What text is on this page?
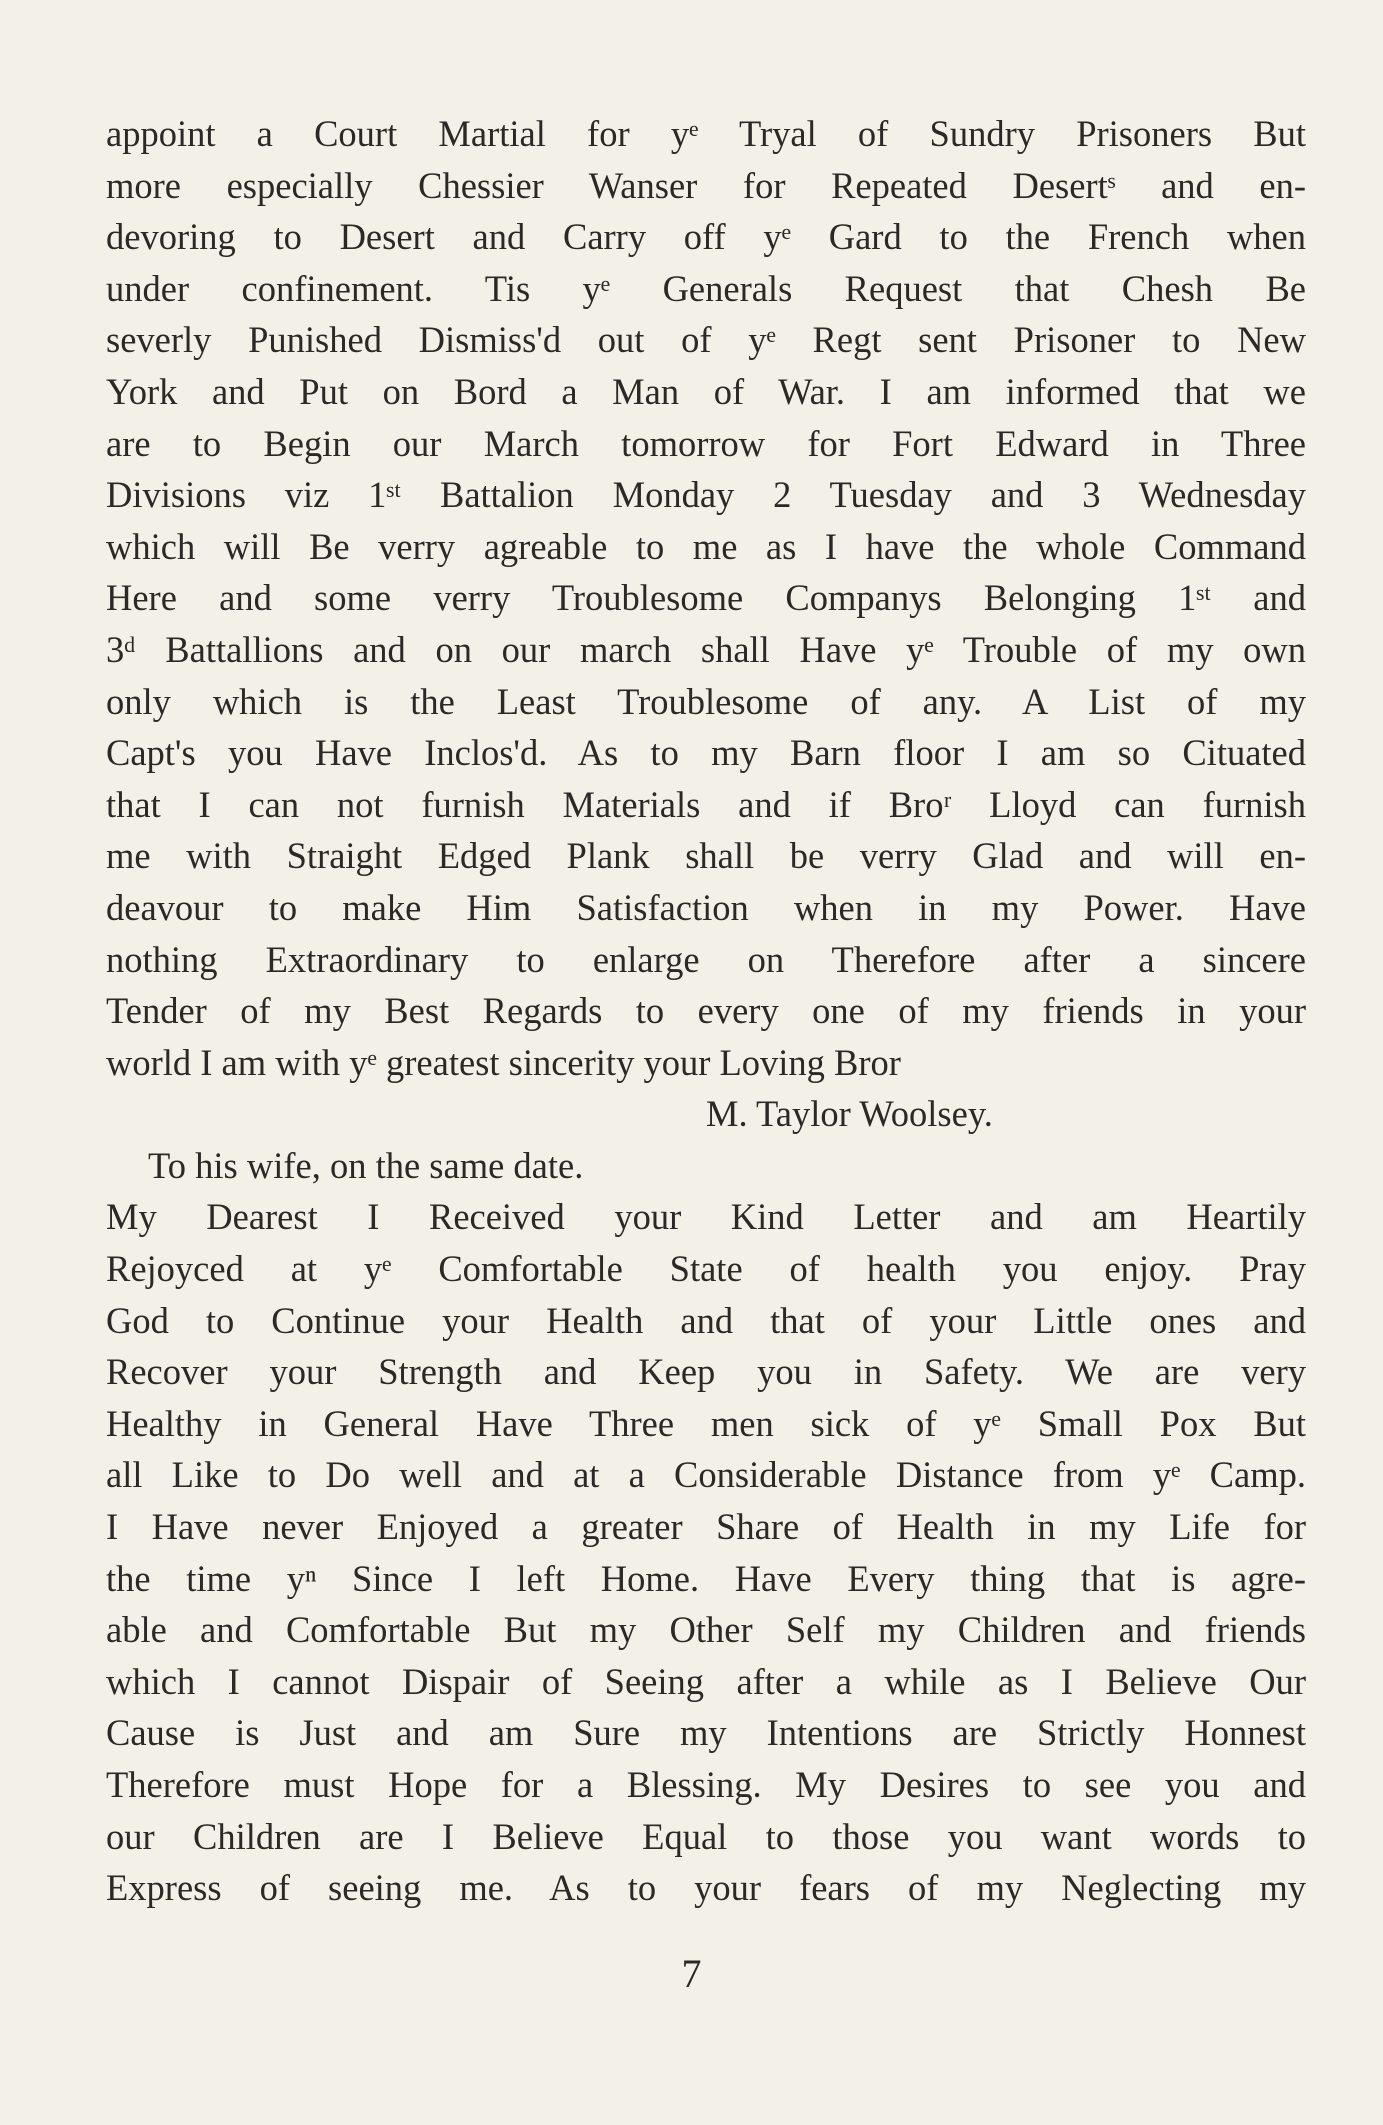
appoint a Court Martial for yᵉ Tryal of Sundry Prisoners But
more especially Chessier Wanser for Repeated Desertˢ and en-
devoring to Desert and Carry off yᵉ Gard to the French when
under confinement. Tis yᵉ Generals Request that Chesh Be
severly Punished Dismiss'd out of yᵉ Regt sent Prisoner to New
York and Put on Bord a Man of War. I am informed that we
are to Begin our March tomorrow for Fort Edward in Three
Divisions viz 1ˢᵗ Battalion Monday 2 Tuesday and 3 Wednesday
which will Be verry agreable to me as I have the whole Command
Here and some verry Troublesome Companys Belonging 1ˢᵗ and
3ᵈ Battallions and on our march shall Have yᵉ Trouble of my own
only which is the Least Troublesome of any. A List of my
Capt's you Have Inclos'd. As to my Barn floor I am so Cituated
that I can not furnish Materials and if Broʳ Lloyd can furnish
me with Straight Edged Plank shall be verry Glad and will en-
deavour to make Him Satisfaction when in my Power. Have
nothing Extraordinary to enlarge on Therefore after a sincere
Tender of my Best Regards to every one of my friends in your
world I am with yᵉ greatest sincerity your Loving Bror
M. Taylor Woolsey.
To his wife, on the same date.
My Dearest I Received your Kind Letter and am Heartily
Rejoyced at yᵉ Comfortable State of health you enjoy. Pray
God to Continue your Health and that of your Little ones and
Recover your Strength and Keep you in Safety. We are very
Healthy in General Have Three men sick of yᵉ Small Pox But
all Like to Do well and at a Considerable Distance from yᵉ Camp.
I Have never Enjoyed a greater Share of Health in my Life for
the time yⁿ Since I left Home. Have Every thing that is agre-
able and Comfortable But my Other Self my Children and friends
which I cannot Dispair of Seeing after a while as I Believe Our
Cause is Just and am Sure my Intentions are Strictly Honnest
Therefore must Hope for a Blessing. My Desires to see you and
our Children are I Believe Equal to those you want words to
Express of seeing me. As to your fears of my Neglecting my
7
